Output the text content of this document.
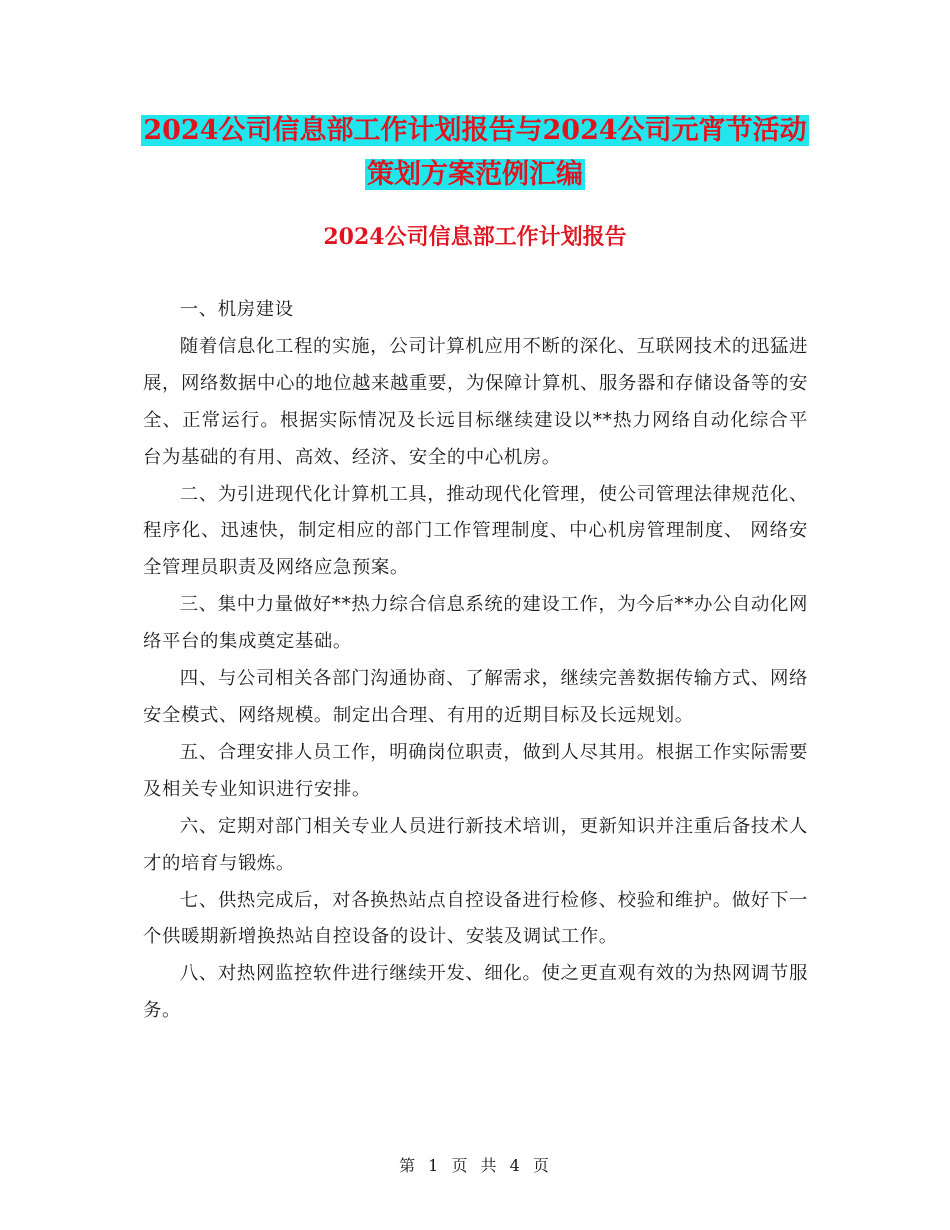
2024公司信息部工作计划报告与2024公司元宵节活动
策划方案范例汇编
2024公司信息部工作计划报告

一、机房建设

随着信息化工程的实施，公司计算机应用不断的深化、互联网技术的迅猛进展，网络数据中心的地位越来越重要，为保障计算机、服务器和存储设备等的安全、正常运行。根据实际情况及长远目标继续建设以**热力网络自动化综合平台为基础的有用、高效、经济、安全的中心机房。

二、为引进现代化计算机工具，推动现代化管理，使公司管理法律规范化、程序化、迅速快，制定相应的部门工作管理制度、中心机房管理制度、 网络安全管理员职责及网络应急预案。

三、集中力量做好**热力综合信息系统的建设工作，为今后**办公自动化网络平台的集成奠定基础。

四、与公司相关各部门沟通协商、了解需求，继续完善数据传输方式、网络安全模式、网络规模。制定出合理、有用的近期目标及长远规划。

五、合理安排人员工作，明确岗位职责，做到人尽其用。根据工作实际需要及相关专业知识进行安排。

六、定期对部门相关专业人员进行新技术培训，更新知识并注重后备技术人才的培育与锻炼。

七、供热完成后，对各换热站点自控设备进行检修、校验和维护。做好下一个供暖期新增换热站自控设备的设计、安装及调试工作。

八、对热网监控软件进行继续开发、细化。使之更直观有效的为热网调节服务。

第 1 页 共 4 页
